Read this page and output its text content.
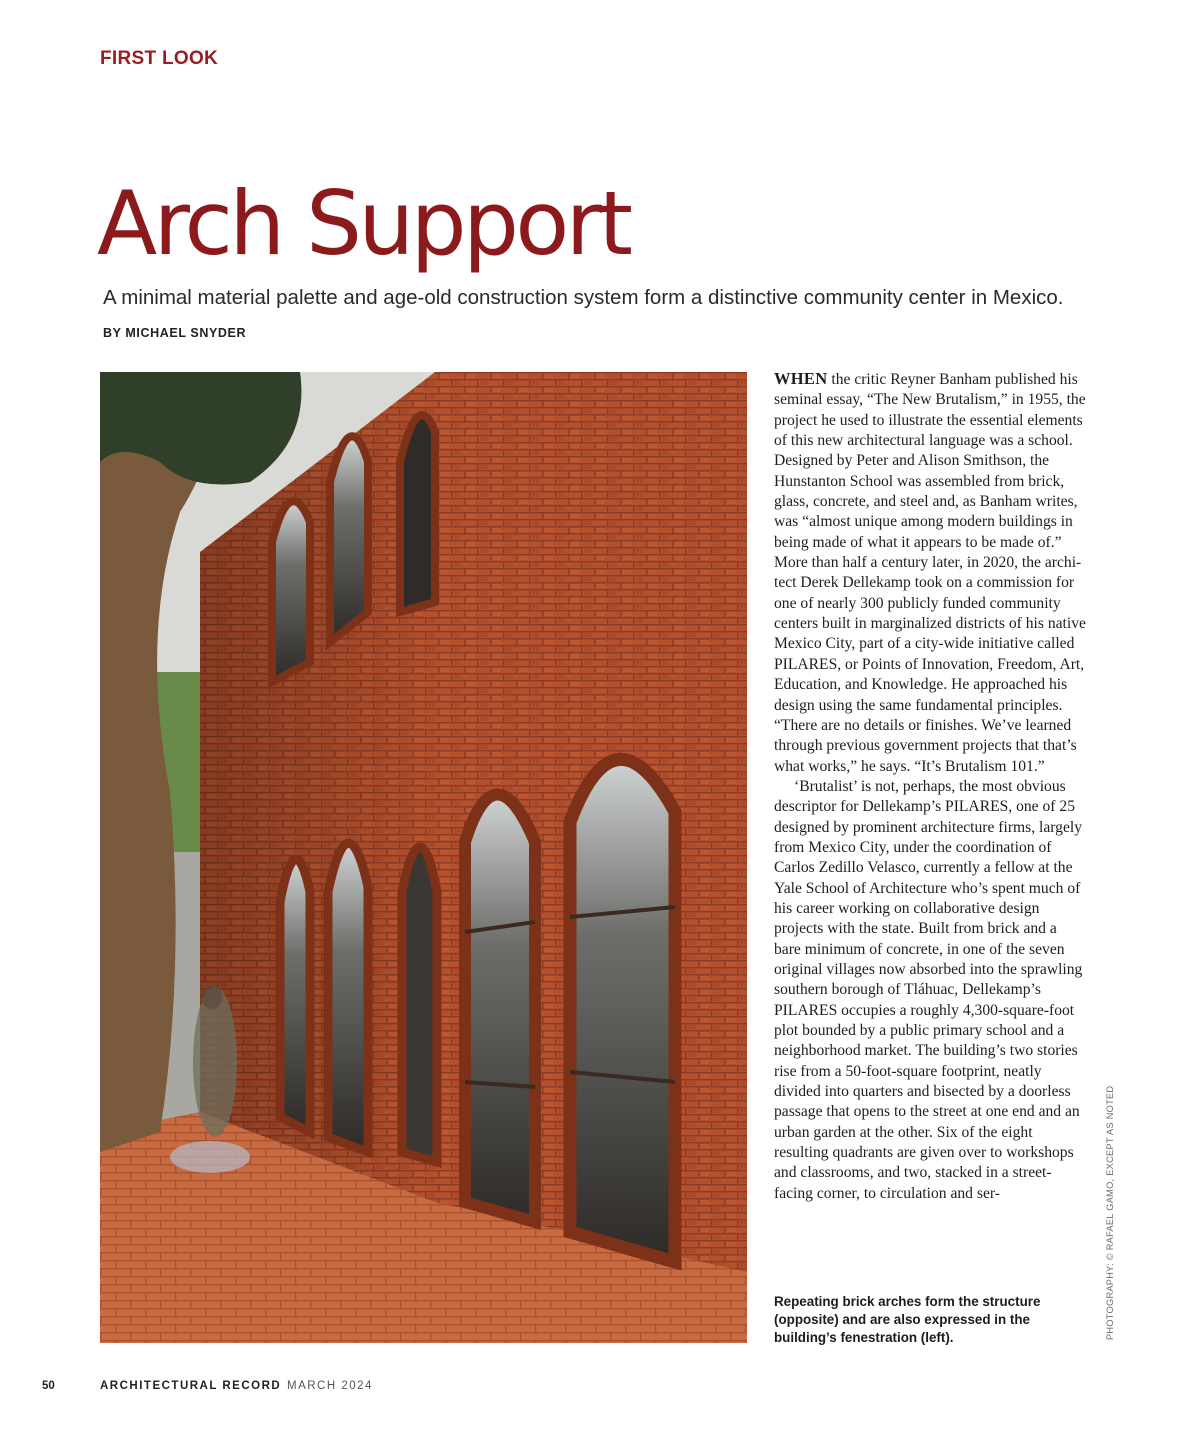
FIRST LOOK
Arch Support
A minimal material palette and age-old construction system form a distinctive community center in Mexico.
BY MICHAEL SNYDER

WHEN the critic Reyner Banham published his seminal essay, “The New Brutalism,” in 1955, the project he used to illustrate the essential elements of this new architectural language was a school. Designed by Peter and Alison Smithson, the Hunstanton School was assembled from brick, glass, concrete, and steel and, as Banham writes, was “almost unique among modern buildings in being made of what it appears to be made of.” More than half a century later, in 2020, the architect Derek Dellekamp took on a commission for one of nearly 300 publicly funded community centers built in marginalized districts of his native Mexico City, part of a city-wide initiative called PILARES, or Points of Innovation, Freedom, Art, Education, and Knowledge. He approached his design using the same fundamental principles. “There are no details or finishes. We’ve learned through previous government projects that that’s what works,” he says. “It’s Brutalism 101.”

‘Brutalist’ is not, perhaps, the most obvious descriptor for Dellekamp’s PILARES, one of 25 designed by prominent architecture firms, largely from Mexico City, under the coordination of Carlos Zedillo Velasco, currently a fellow at the Yale School of Architecture who’s spent much of his career working on collaborative design projects with the state. Built from brick and a bare minimum of concrete, in one of the seven original villages now absorbed into the sprawling southern borough of Tláhuac, Dellekamp’s PILARES occupies a roughly 4,300-square-foot plot bounded by a public primary school and a neighborhood market. The building’s two stories rise from a 50-foot-square footprint, neatly divided into quarters and bisected by a doorless passage that opens to the street at one end and an urban garden at the other. Six of the eight resulting quadrants are given over to workshops and classrooms, and two, stacked in a street-facing corner, to circulation and ser-

Repeating brick arches form the structure (opposite) and are also expressed in the building’s fenestration (left).	PHOTOGRAPHY: © RAFAEL GAMO, EXCEPT AS NOTED
50	ARCHITECTURAL RECORD MARCH 2024
